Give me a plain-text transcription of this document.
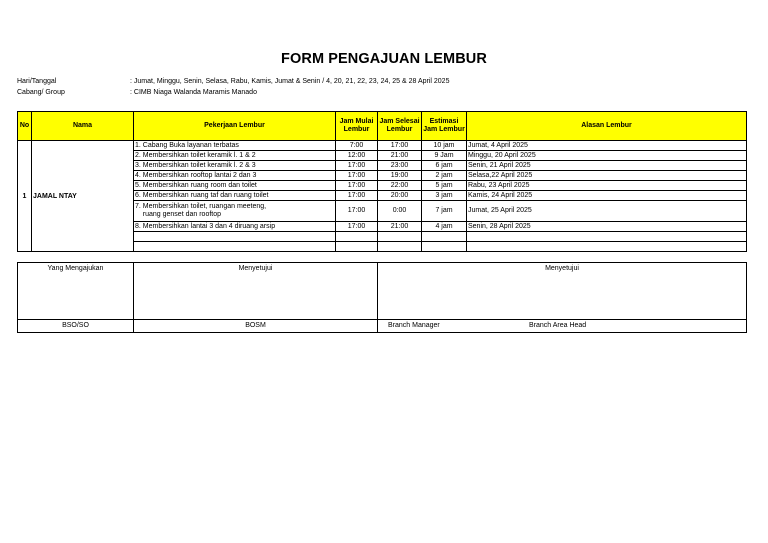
FORM PENGAJUAN LEMBUR
Hari/Tanggal	: Jumat, Minggu, Senin, Selasa, Rabu, Kamis, Jumat & Senin / 4, 20, 21, 22, 23, 24, 25 & 28 April 2025
Cabang/ Group	: CIMB Niaga Walanda Maramis Manado
No	Nama	Pekerjaan Lembur	Jam Mulai Lembur	Jam Selesai Lembur	Estimasi Jam Lembur	Alasan Lembur
1	JAMAL NTAY	1. Cabang Buka layanan terbatas	7:00	17:00	10 jam	Jumat, 4 April 2025
		2. Membersihkan toilet keramik l. 1 & 2	12:00	21:00	9 Jam	Minggu, 20 April 2025
		3. Membersihkan toilet keramik l. 2 & 3	17:00	23:00	6 jam	Senin, 21 April 2025
		4. Membersihkan rooftop lantai 2 dan 3	17:00	19:00	2 jam	Selasa,22 April 2025
		5. Membersihkan ruang room dan toilet	17:00	22:00	5 jam	Rabu, 23 April 2025
		6. Membersihkan ruang taf dan ruang toilet	17:00	20:00	3 jam	Kamis, 24 April 2025

		7. Membersihkan toilet, ruangan meeteng,
ruang genset dan rooftop	17:00	0:00	7 jam	Jumat, 25 April 2025
		8. Membersihkan lantai 3 dan 4 diruang arsip	17:00	21:00	4 jam	Senin, 28 April 2025

Yang Mengajukan	Menyetujui	Menyetujui
BSO/SO	BOSM	Branch Manager Branch Area Head
